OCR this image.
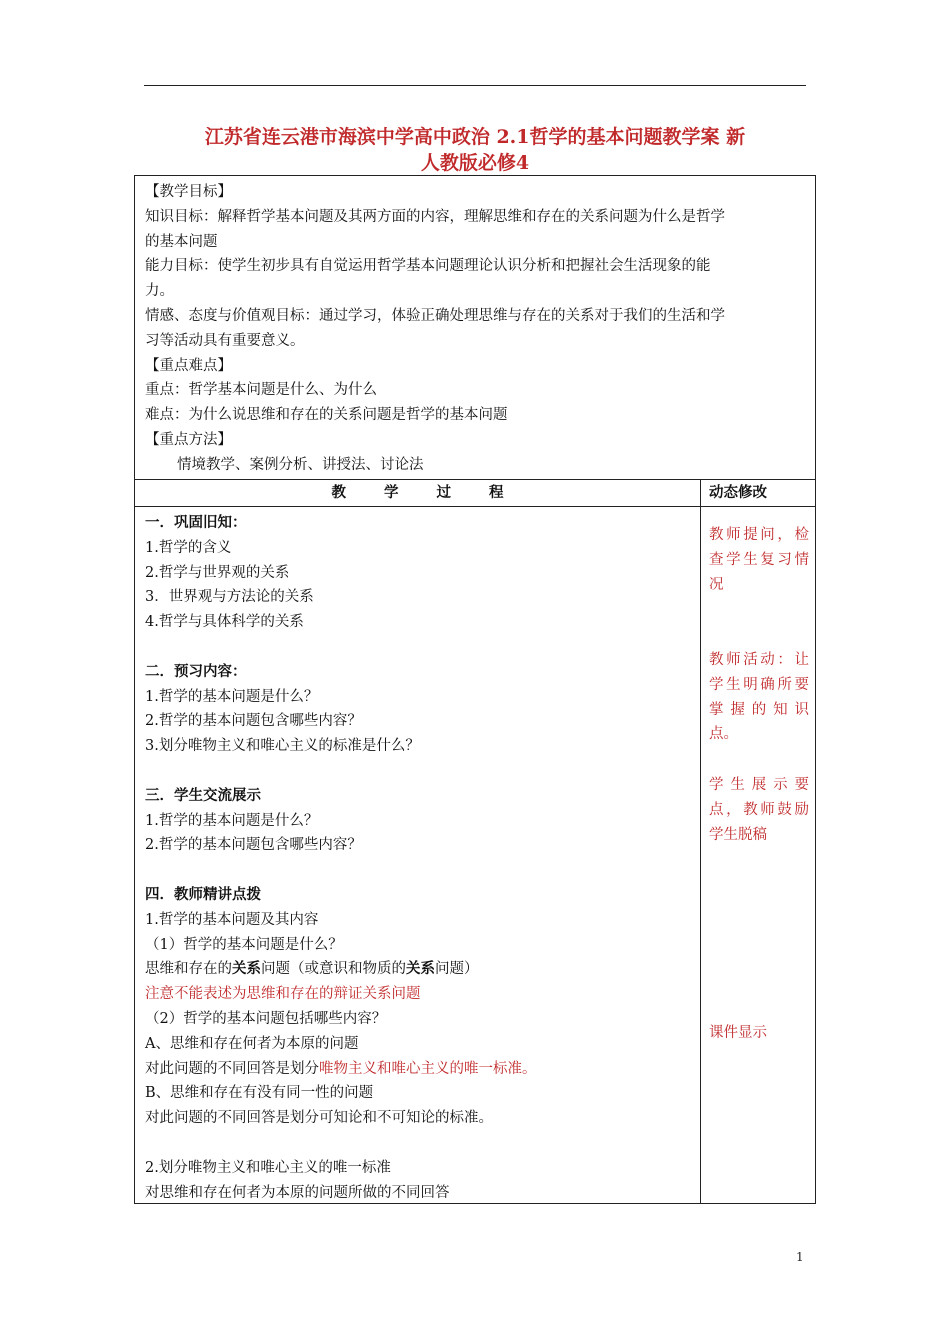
江苏省连云港市海滨中学高中政治 2.1哲学的基本问题教学案 新
人教版必修4
【教学目标】
知识目标：解释哲学基本问题及其两方面的内容，理解思维和存在的关系问题为什么是哲学
的基本问题
能力目标：使学生初步具有自觉运用哲学基本问题理论认识分析和把握社会生活现象的能
力。
情感、态度与价值观目标：通过学习，体验正确处理思维与存在的关系对于我们的生活和学
习等活动具有重要意义。
【重点难点】
重点：哲学基本问题是什么、为什么
难点：为什么说思维和存在的关系问题是哲学的基本问题
【重点方法】
情境教学、案例分析、讲授法、讨论法
教学过程	动态修改
一．巩固旧知：
1.哲学的含义
2.哲学与世界观的关系
3．世界观与方法论的关系
4.哲学与具体科学的关系
二．预习内容：
1.哲学的基本问题是什么？
2.哲学的基本问题包含哪些内容？
3.划分唯物主义和唯心主义的标准是什么？
三．学生交流展示
1.哲学的基本问题是什么？
2.哲学的基本问题包含哪些内容？
四．教师精讲点拨
1.哲学的基本问题及其内容
（1）哲学的基本问题是什么？
思维和存在的关系问题（或意识和物质的关系问题）
注意不能表述为思维和存在的辩证关系问题
（2）哲学的基本问题包括哪些内容？
A、思维和存在何者为本原的问题
对此问题的不同回答是划分唯物主义和唯心主义的唯一标准。
B、思维和存在有没有同一性的问题
对此问题的不同回答是划分可知论和不可知论的标准。
2.划分唯物主义和唯心主义的唯一标准
对思维和存在何者为本原的问题所做的不同回答
教师提问，检查学生复习情况
教师活动：让学生明确所要掌握的知识点。
学生展示要点，教师鼓励学生脱稿
课件显示
1
